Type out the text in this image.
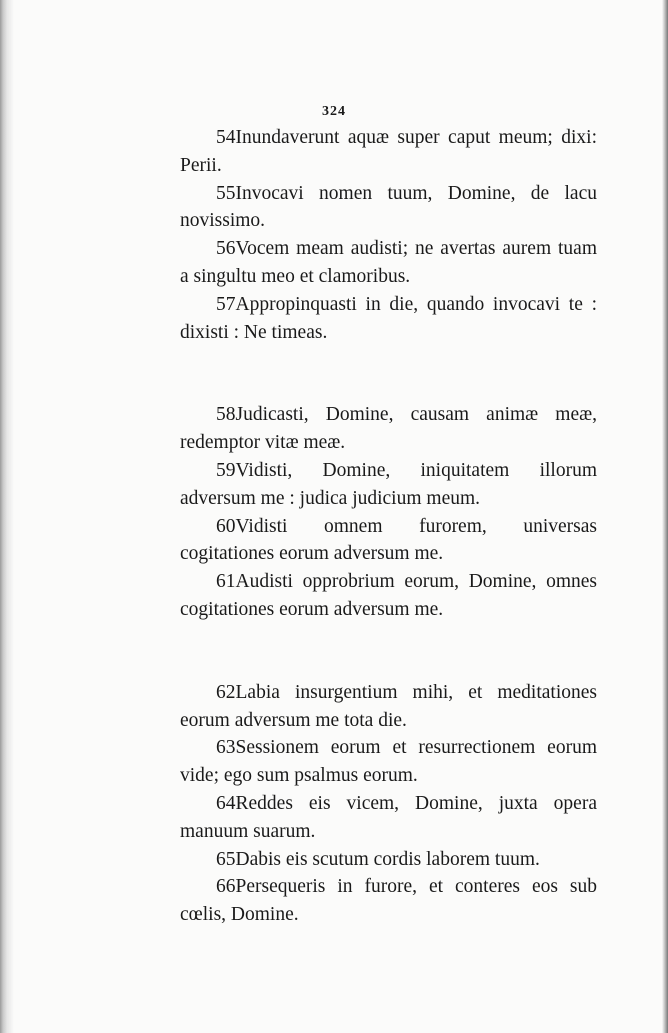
324

54Inundaverunt aquæ super caput meum; dixi: Perii.

55Invocavi nomen tuum, Domine, de lacu novissimo.

56Vocem meam audisti; ne avertas aurem tuam a singultu meo et clamoribus.

57Appropinquasti in die, quando invocavi te : dixisti : Ne timeas.

58Judicasti, Domine, causam animæ meæ, redemptor vitæ meæ.

59Vidisti, Domine, iniquitatem illorum adversum me : judica judicium meum.

60Vidisti omnem furorem, universas cogitationes eorum adversum me.

61Audisti opprobrium eorum, Domine, omnes cogitationes eorum adversum me.

62Labia insurgentium mihi, et meditationes eorum adversum me tota die.

63Sessionem eorum et resurrectionem eorum vide; ego sum psalmus eorum.

64Reddes eis vicem, Domine, juxta opera manuum suarum.

65Dabis eis scutum cordis laborem tuum.

66Persequeris in furore, et conteres eos sub cœlis, Domine.
